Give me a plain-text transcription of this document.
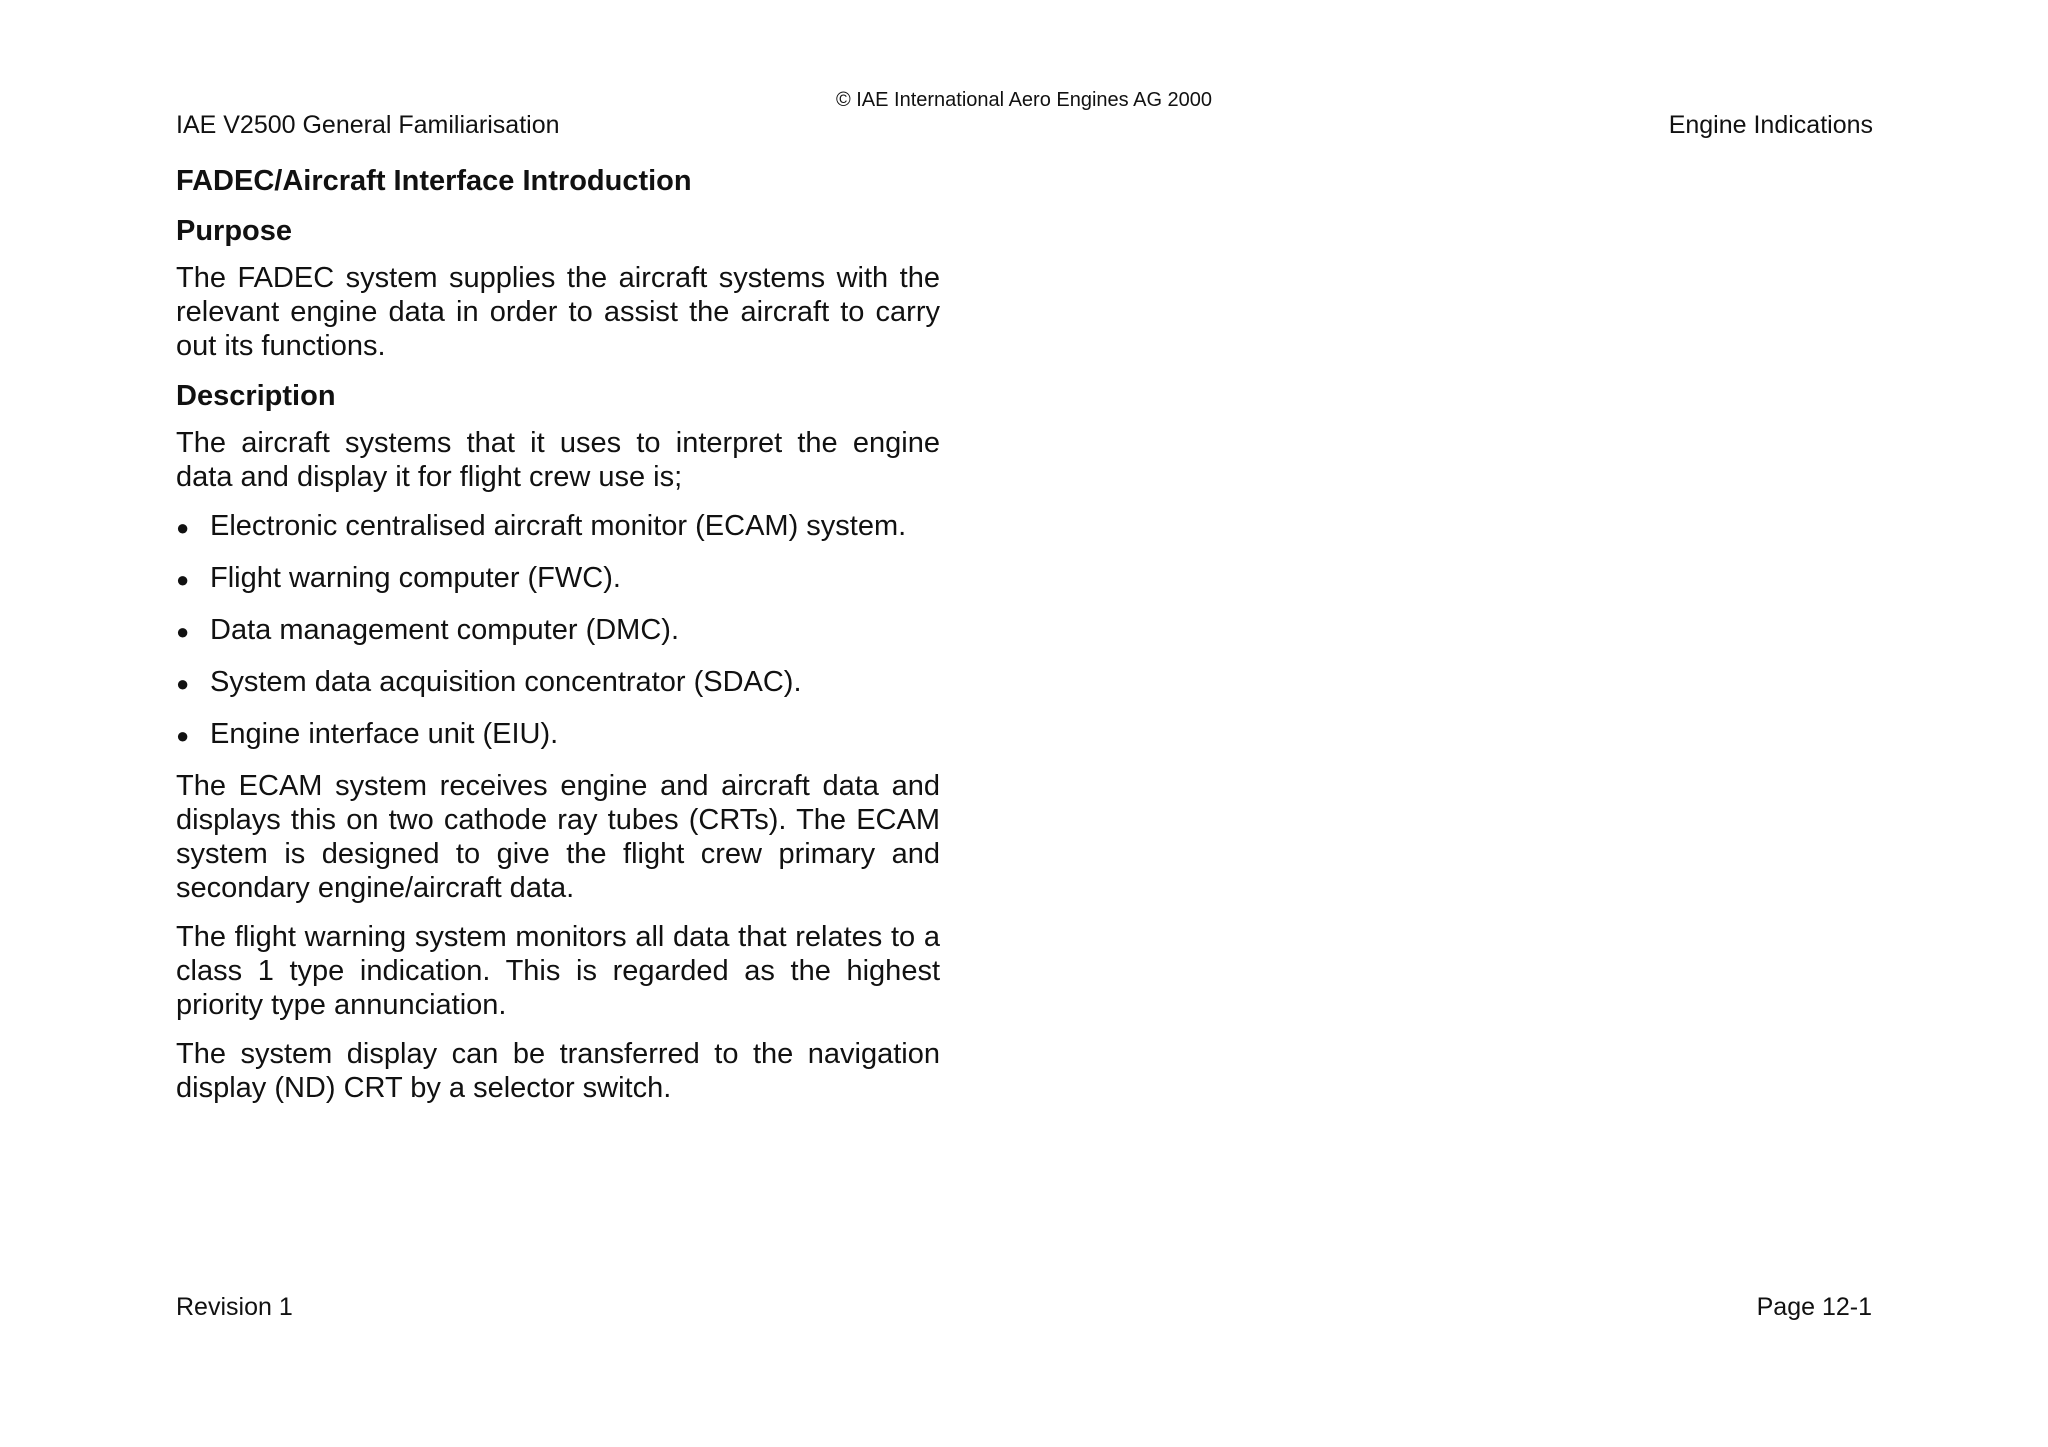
© IAE International Aero Engines AG 2000
IAE V2500 General Familiarisation	Engine Indications
FADEC/Aircraft Interface Introduction
Purpose

The FADEC system supplies the aircraft systems with the relevant engine data in order to assist the aircraft to carry out its functions.

Description

The aircraft systems that it uses to interpret the engine data and display it for flight crew use is;

● Electronic centralised aircraft monitor (ECAM) system.
● Flight warning computer (FWC).
● Data management computer (DMC).
● System data acquisition concentrator (SDAC).
● Engine interface unit (EIU).

The ECAM system receives engine and aircraft data and displays this on two cathode ray tubes (CRTs). The ECAM system is designed to give the flight crew primary and secondary engine/aircraft data.

The flight warning system monitors all data that relates to a class 1 type indication. This is regarded as the highest priority type annunciation.

The system display can be transferred to the navigation display (ND) CRT by a selector switch.

Revision 1	Page 12-1
